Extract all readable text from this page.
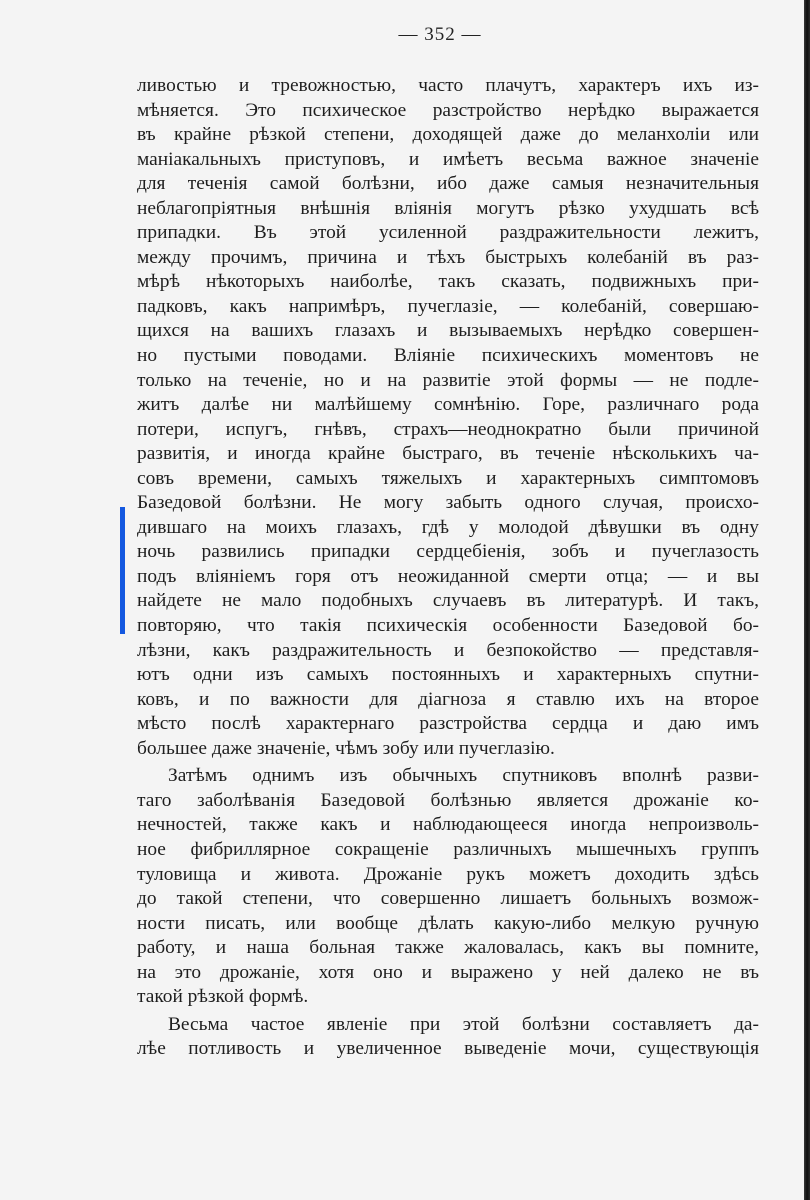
— 352 —
ливостью и тревожностью, часто плачутъ, характеръ ихъ из-
мѣняется. Это психическое разстройство нерѣдко выражается
въ крайне рѣзкой степени, доходящей даже до меланхоліи или
маніакальныхъ приступовъ, и имѣетъ весьма важное значеніе
для теченія самой болѣзни, ибо даже самыя незначительныя
неблагопріятныя внѣшнія вліянія могутъ рѣзко ухудшать всѣ
припадки. Въ этой усиленной раздражительности лежитъ,
между прочимъ, причина и тѣхъ быстрыхъ колебаній въ раз-
мѣрѣ нѣкоторыхъ наиболѣе, такъ сказать, подвижныхъ при-
падковъ, какъ напримѣръ, пучеглазіе, — колебаній, совершаю-
щихся на вашихъ глазахъ и вызываемыхъ нерѣдко совершен-
но пустыми поводами. Вліяніе психическихъ моментовъ не
только на теченіе, но и на развитіе этой формы — не подле-
житъ далѣе ни малѣйшему сомнѣнію. Горе, различнаго рода
потери, испугъ, гнѣвъ, страхъ—неоднократно были причиной
развитія, и иногда крайне быстраго, въ теченіе нѣсколькихъ ча-
совъ времени, самыхъ тяжелыхъ и характерныхъ симптомовъ
Базедовой болѣзни. Не могу забыть одного случая, происхо-
дившаго на моихъ глазахъ, гдѣ у молодой дѣвушки въ одну
ночь развились припадки сердцебіенія, зобъ и пучеглазость
подъ вліяніемъ горя отъ неожиданной смерти отца; — и вы
найдете не мало подобныхъ случаевъ въ литературѣ. И такъ,
повторяю, что такія психическія особенности Базедовой бо-
лѣзни, какъ раздражительность и безпокойство — представля-
ютъ одни изъ самыхъ постоянныхъ и характерныхъ спутни-
ковъ, и по важности для діагноза я ставлю ихъ на второе
мѣсто послѣ характернаго разстройства сердца и даю имъ
большее даже значеніе, чѣмъ зобу или пучеглазію.
Затѣмъ однимъ изъ обычныхъ спутниковъ вполнѣ разви-
таго заболѣванія Базедовой болѣзнью является дрожаніе ко-
нечностей, также какъ и наблюдающееся иногда непроизволь-
ное фибриллярное сокращеніе различныхъ мышечныхъ группъ
туловища и живота. Дрожаніе рукъ можетъ доходить здѣсь
до такой степени, что совершенно лишаетъ больныхъ возмож-
ности писать, или вообще дѣлать какую-либо мелкую ручную
работу, и наша больная также жаловалась, какъ вы помните,
на это дрожаніе, хотя оно и выражено у ней далеко не въ
такой рѣзкой формѣ.
Весьма частое явленіе при этой болѣзни составляетъ да-
лѣе потливость и увеличенное выведеніе мочи, существующія
